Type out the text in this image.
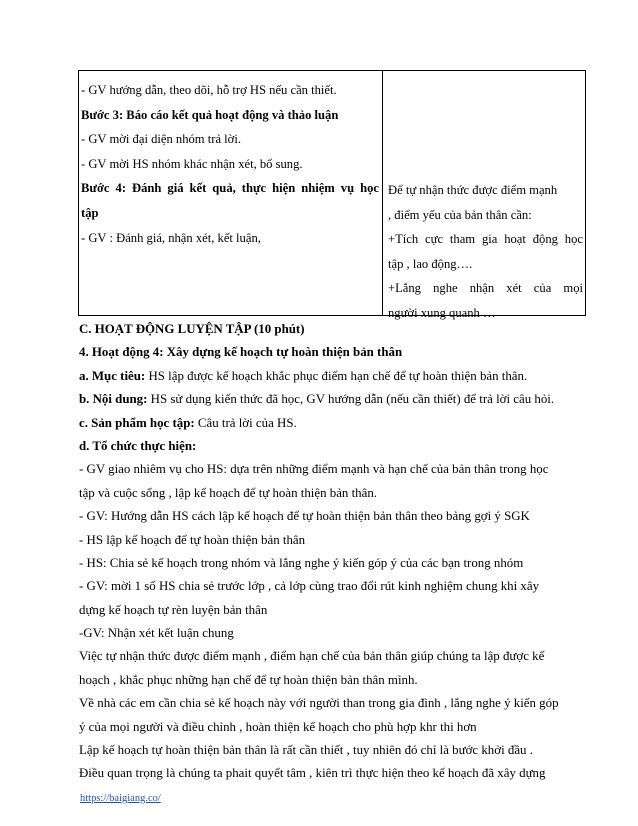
- GV hướng dẫn, theo dõi, hỗ trợ HS nếu cần thiết.
Bước 3: Báo cáo kết quả hoạt động và thảo luận
- GV mời đại diện nhóm trả lời.
- GV mời HS nhóm khác nhận xét, bổ sung.
Bước 4: Đánh giá kết quả, thực hiện nhiệm vụ học
tập
- GV : Đánh giá, nhận xét, kết luận,
Để tự nhận thức được điểm mạnh
, điểm yếu của bản thân cần:
+Tích cực tham gia hoạt động học
tập , lao động….
+Lắng nghe nhận xét của mọi
người xung quanh …
C. HOẠT ĐỘNG LUYỆN TẬP (10 phút)
4. Hoạt động 4: Xây dựng kế hoạch tự hoàn thiện bản thân
a. Mục tiêu: HS lập được kế hoạch khắc phục điểm hạn chế để tự hoàn thiện bản thân.
b. Nội dung: HS sử dụng kiến thức đã học, GV hướng dẫn (nếu cần thiết) để trả lời câu hỏi.
c. Sản phẩm học tập: Câu trả lời của HS.
d. Tổ chức thực hiện:
- GV giao nhiêm vụ cho HS: dựa trên những điểm mạnh và hạn chế của bản thân trong học
tập và cuộc sống , lập kế hoạch để tự hoàn thiện bản thân.
- GV: Hướng dẫn HS cách lập kế hoạch để tự hoàn thiện bản thân theo bảng gợi ý SGK
- HS lập kế hoạch để tự hoàn thiện bản thân
- HS: Chia sẻ kế hoạch trong nhóm và lắng nghe ý kiến góp ý của các bạn trong nhóm
- GV: mời 1 số HS chia sẻ trước lớp , cả lớp cùng trao đổi rút kinh nghiệm chung khi xây
dựng kế hoạch tự rèn luyện bản thân
-GV: Nhận xét kết luận chung
Việc tự nhận thức được điểm mạnh , điểm hạn chế của bản thân giúp chúng ta lập được kế
hoạch , khắc phục những hạn chế để tự hoàn thiện bản thân mình.
Về nhà các em cần chia sẻ kế hoạch này với người than trong gia đình , lắng nghe ý kiến góp
ý của mọi người và điều chỉnh , hoàn thiện kế hoạch cho phù hợp khr thi hơn
Lập kế hoạch tự hoàn thiện bản thân là rất cần thiết , tuy nhiên đó chỉ là bước khởi đầu .
Điều quan trọng là chúng ta phait quyết tâm , kiên trì thực hiện theo kế hoạch đã xây dựng
https://baigiang.co/
